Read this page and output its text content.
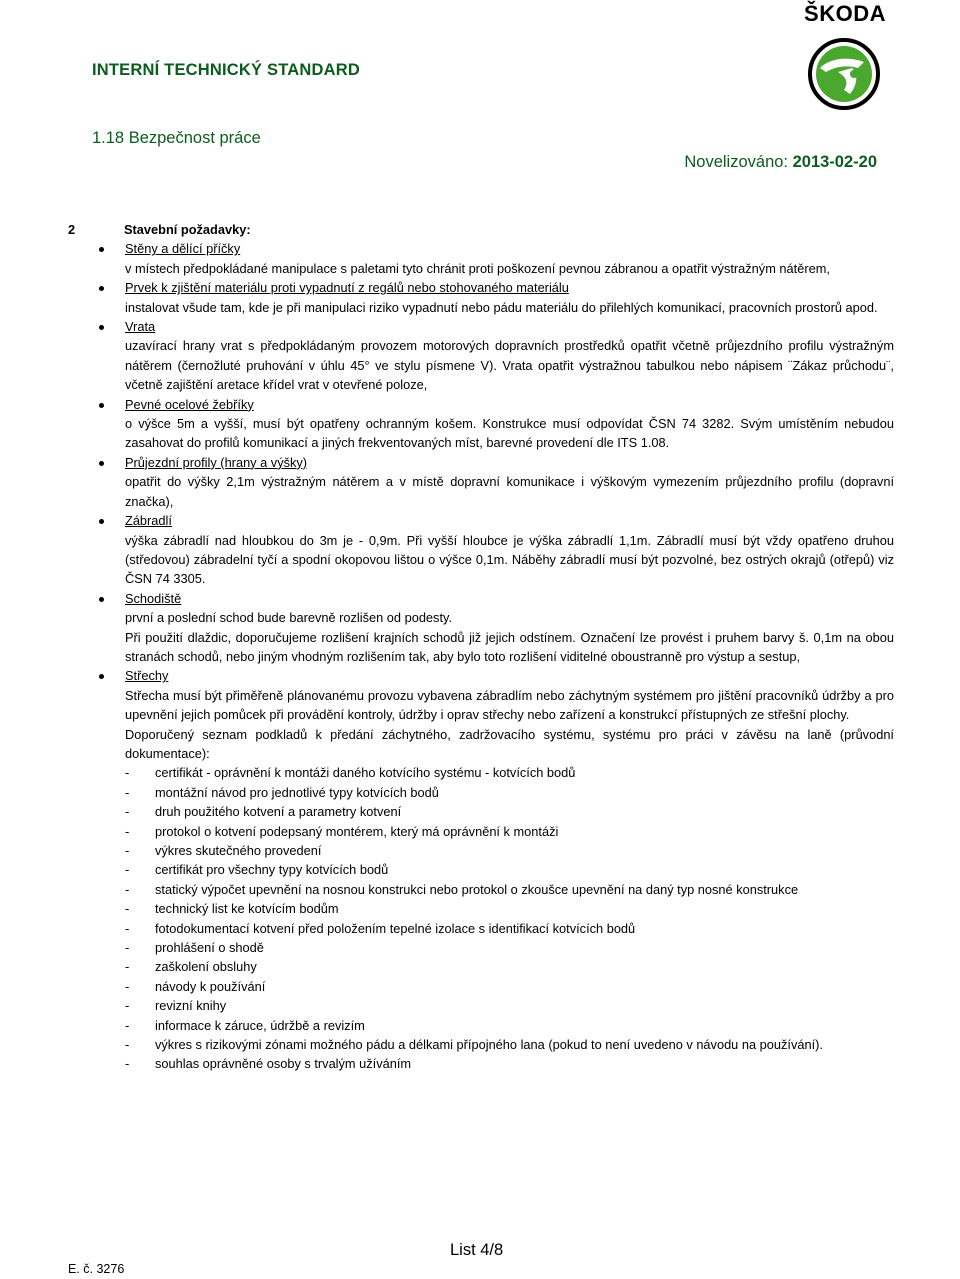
ŠKODA
INTERNÍ TECHNICKÝ STANDARD
1.18 Bezpečnost práce
Novelizováno: 2013-02-20
2	Stavební požadavky:
Stěny a dělící příčky

v místech předpokládané manipulace s paletami tyto chránit proti poškození pevnou zábranou a opatřit výstražným nátěrem,

Prvek k zjištění materiálu proti vypadnutí z regálů nebo stohovaného materiálu

instalovat všude tam, kde je při manipulaci riziko vypadnutí nebo pádu materiálu do přilehlých komunikací, pracovních prostorů apod.

Vrata

uzavírací hrany vrat s předpokládaným provozem motorových dopravních prostředků opatřit včetně průjezdního profilu výstražným nátěrem (černožluté pruhování v úhlu 45° ve stylu písmene V). Vrata opatřit výstražnou tabulkou nebo nápisem ¨Zákaz průchodu¨, včetně zajištění aretace křídel vrat v otevřené poloze,

Pevné ocelové žebříky

o výšce 5m a vyšší, musí být opatřeny ochranným košem. Konstrukce musí odpovídat ČSN 74 3282. Svým umístěním nebudou zasahovat do profilů komunikací a jiných frekventovaných míst, barevné provedení dle ITS 1.08.

Průjezdní profily (hrany a výšky)

opatřit do výšky 2,1m výstražným nátěrem a v místě dopravní komunikace i výškovým vymezením průjezdního profilu (dopravní značka),

Zábradlí

výška zábradlí nad hloubkou do 3m je - 0,9m. Při vyšší hloubce je výška zábradlí 1,1m. Zábradlí musí být vždy opatřeno druhou (středovou) zábradelní tyčí a spodní okopovou lištou o výšce 0,1m. Náběhy zábradlí musí být pozvolné, bez ostrých okrajů (otřepů) viz ČSN 74 3305.

Schodiště

první a poslední schod bude barevně rozlišen od podesty.

Při použití dlaždic, doporučujeme rozlišení krajních schodů již jejich odstínem. Označení lze provést i pruhem barvy š. 0,1m na obou stranách schodů, nebo jiným vhodným rozlišením tak, aby bylo toto rozlišení viditelné oboustranně pro výstup a sestup,

Střechy

Střecha musí být přiměřeně plánovanému provozu vybavena zábradlím nebo záchytným systémem pro jištění pracovníků údržby a pro upevnění jejich pomůcek při provádění kontroly, údržby i oprav střechy nebo zařízení a konstrukcí přístupných ze střešní plochy.

Doporučený seznam podkladů k předání záchytného, zadržovacího systému, systému pro práci v závěsu na laně (průvodní dokumentace):

- certifikát - oprávnění k montáži daného kotvícího systému - kotvících bodů

- montážní návod pro jednotlivé typy kotvících bodů

- druh použitého kotvení a parametry kotvení

- protokol o kotvení podepsaný montérem, který má oprávnění k montáži

- výkres skutečného provedení

- certifikát pro všechny typy kotvících bodů

- statický výpočet upevnění na nosnou konstrukci nebo protokol o zkoušce upevnění na daný typ nosné konstrukce

- technický list ke kotvícím bodům

- fotodokumentací kotvení před položením tepelné izolace s identifikací kotvících bodů

- prohlášení o shodě

- zaškolení obsluhy

- návody k používání

- revizní knihy

- informace k záruce, údržbě a revizím

- výkres s rizikovými zónami možného pádu a délkami přípojného lana (pokud to není uvedeno v návodu na používání).

- souhlas oprávněné osoby s trvalým užíváním

List 4/8
E. č. 3276
